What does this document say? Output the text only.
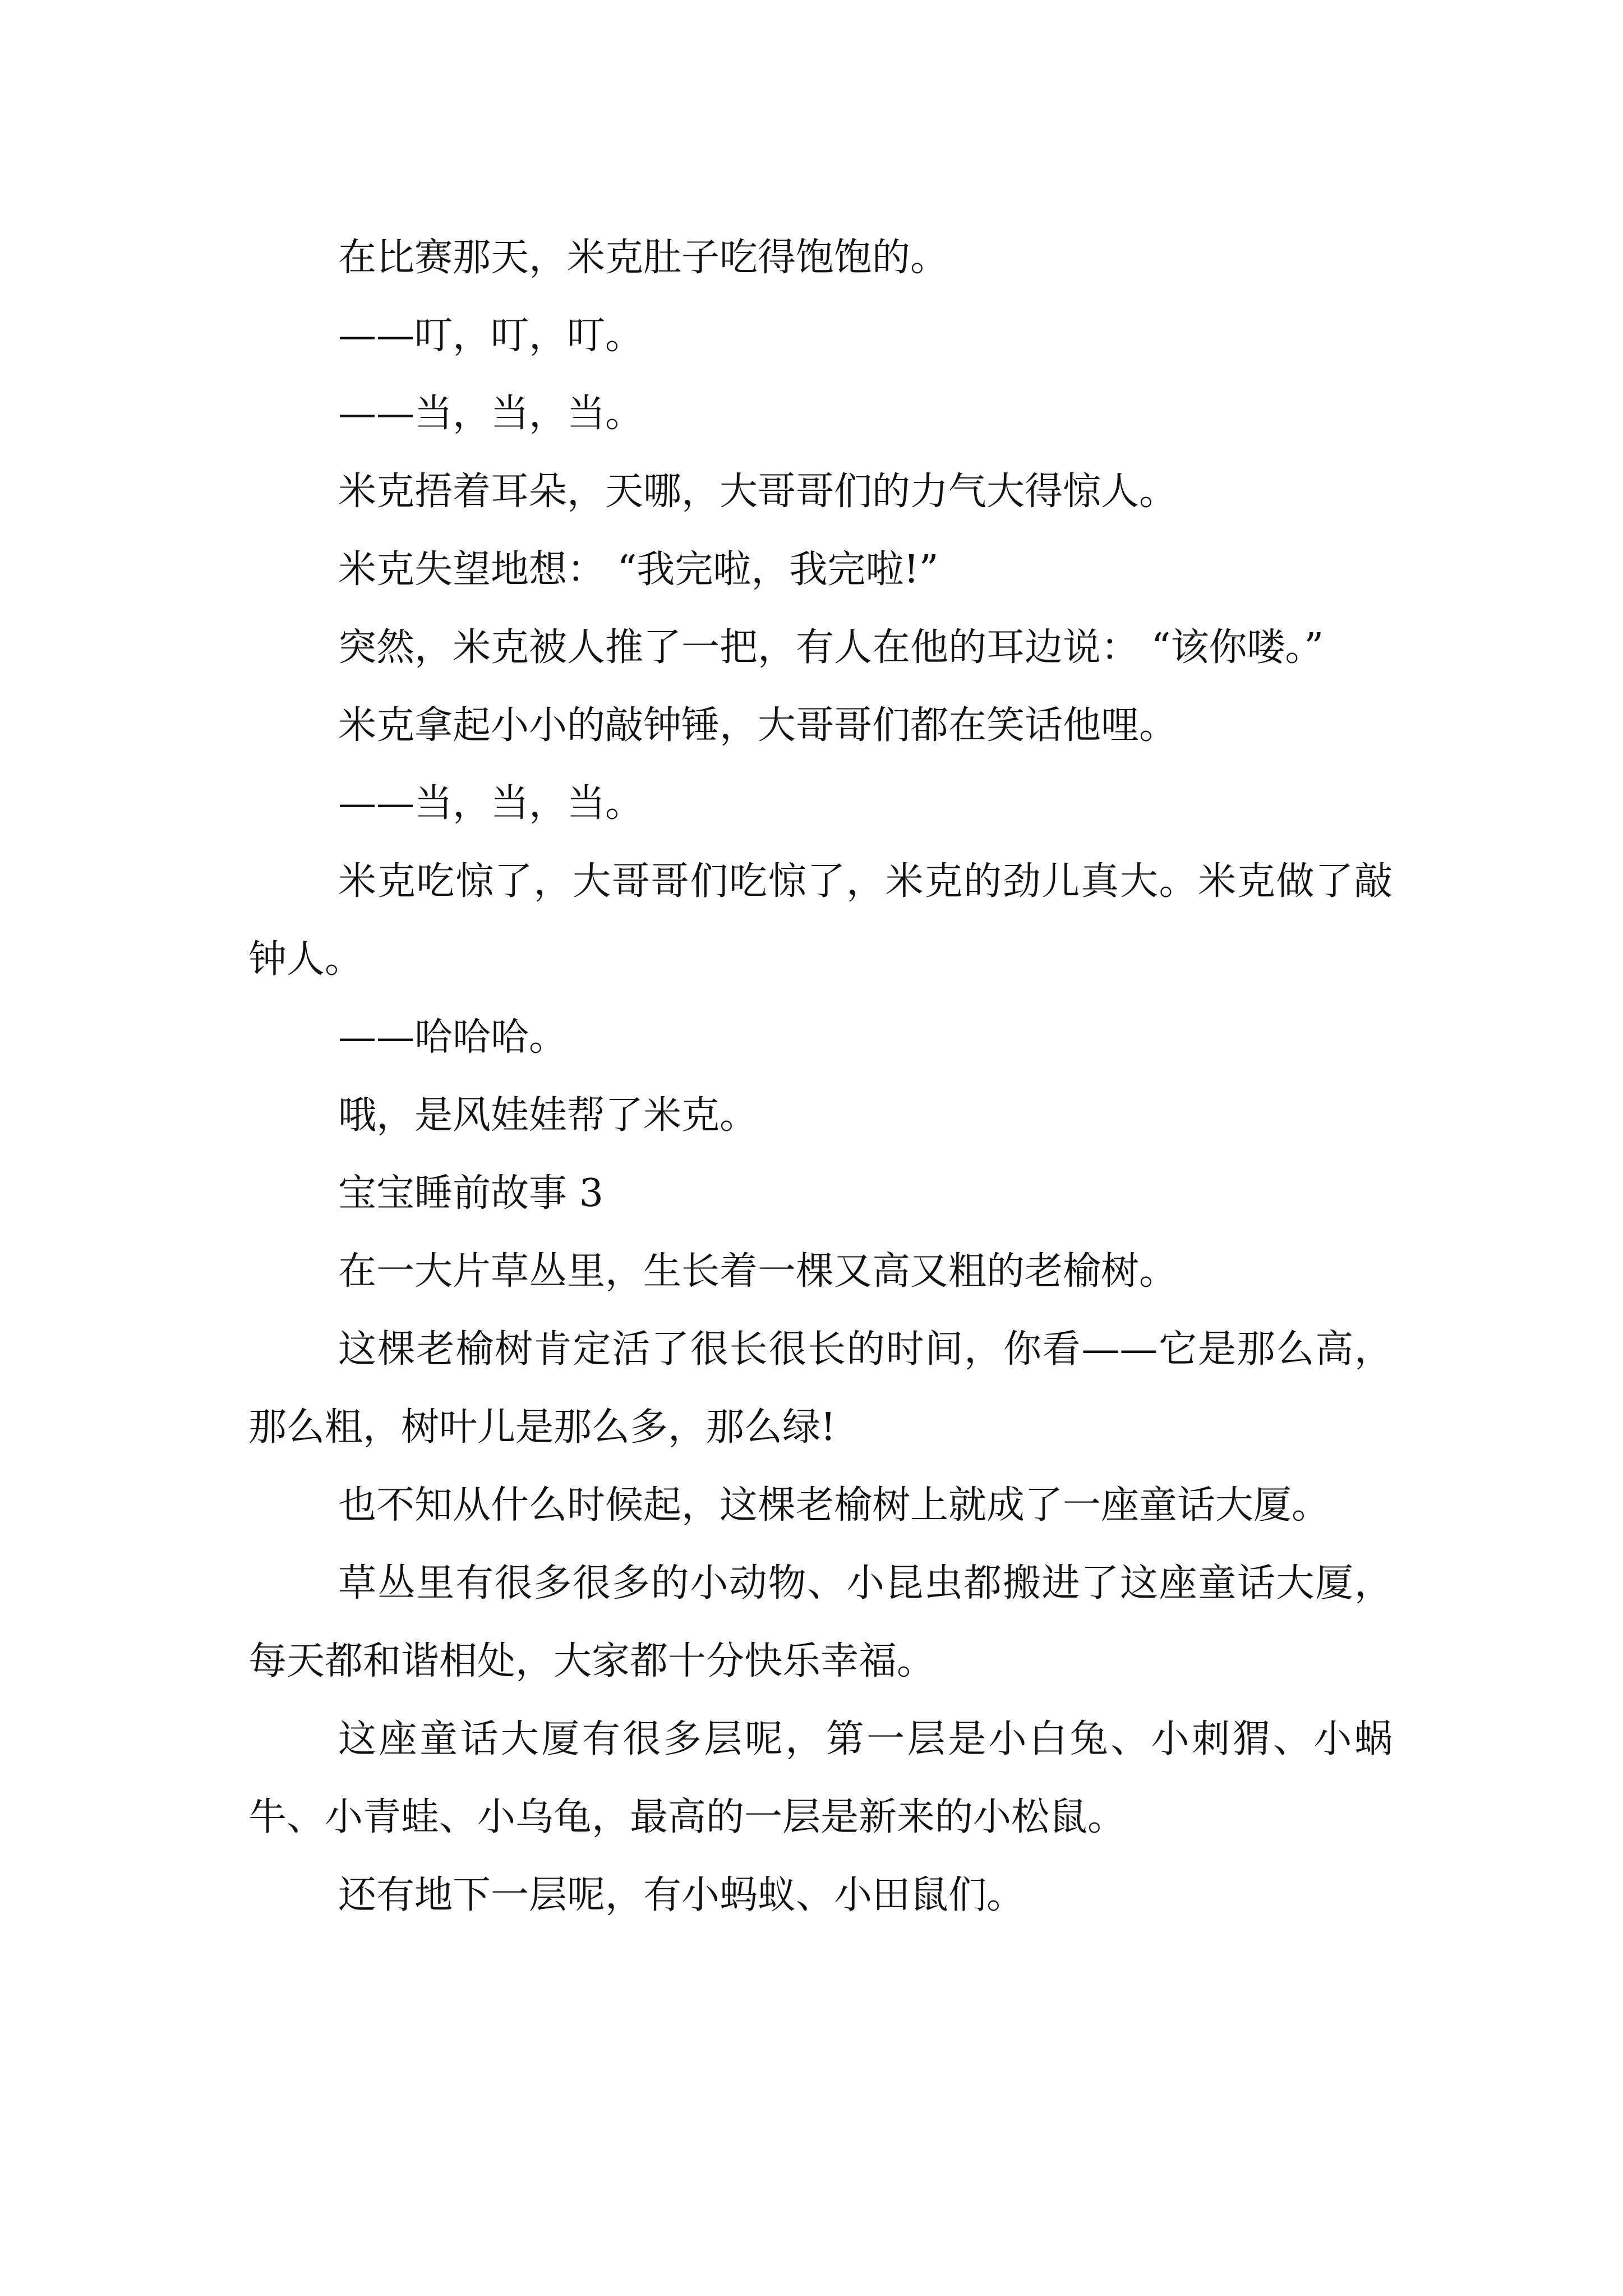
在比赛那天，米克肚子吃得饱饱的。

——叮，叮，叮。

——当，当，当。

米克捂着耳朵，天哪，大哥哥们的力气大得惊人。

米克失望地想： “我完啦，我完啦!”

突然，米克被人推了一把，有人在他的耳边说： “该你喽。”

米克拿起小小的敲钟锤，大哥哥们都在笑话他哩。

——当，当，当。

米克吃惊了，大哥哥们吃惊了，米克的劲儿真大。米克做了敲钟人。

——哈哈哈。

哦，是风娃娃帮了米克。

宝宝睡前故事 3

在一大片草丛里，生长着一棵又高又粗的老榆树。

这棵老榆树肯定活了很长很长的时间，你看——它是那么高，那么粗，树叶儿是那么多，那么绿!

也不知从什么时候起，这棵老榆树上就成了一座童话大厦。

草丛里有很多很多的小动物、小昆虫都搬进了这座童话大厦，每天都和谐相处，大家都十分快乐幸福。

这座童话大厦有很多层呢，第一层是小白兔、小刺猬、小蜗牛、小青蛙、小乌龟，最高的一层是新来的小松鼠。

还有地下一层呢，有小蚂蚁、小田鼠们。
